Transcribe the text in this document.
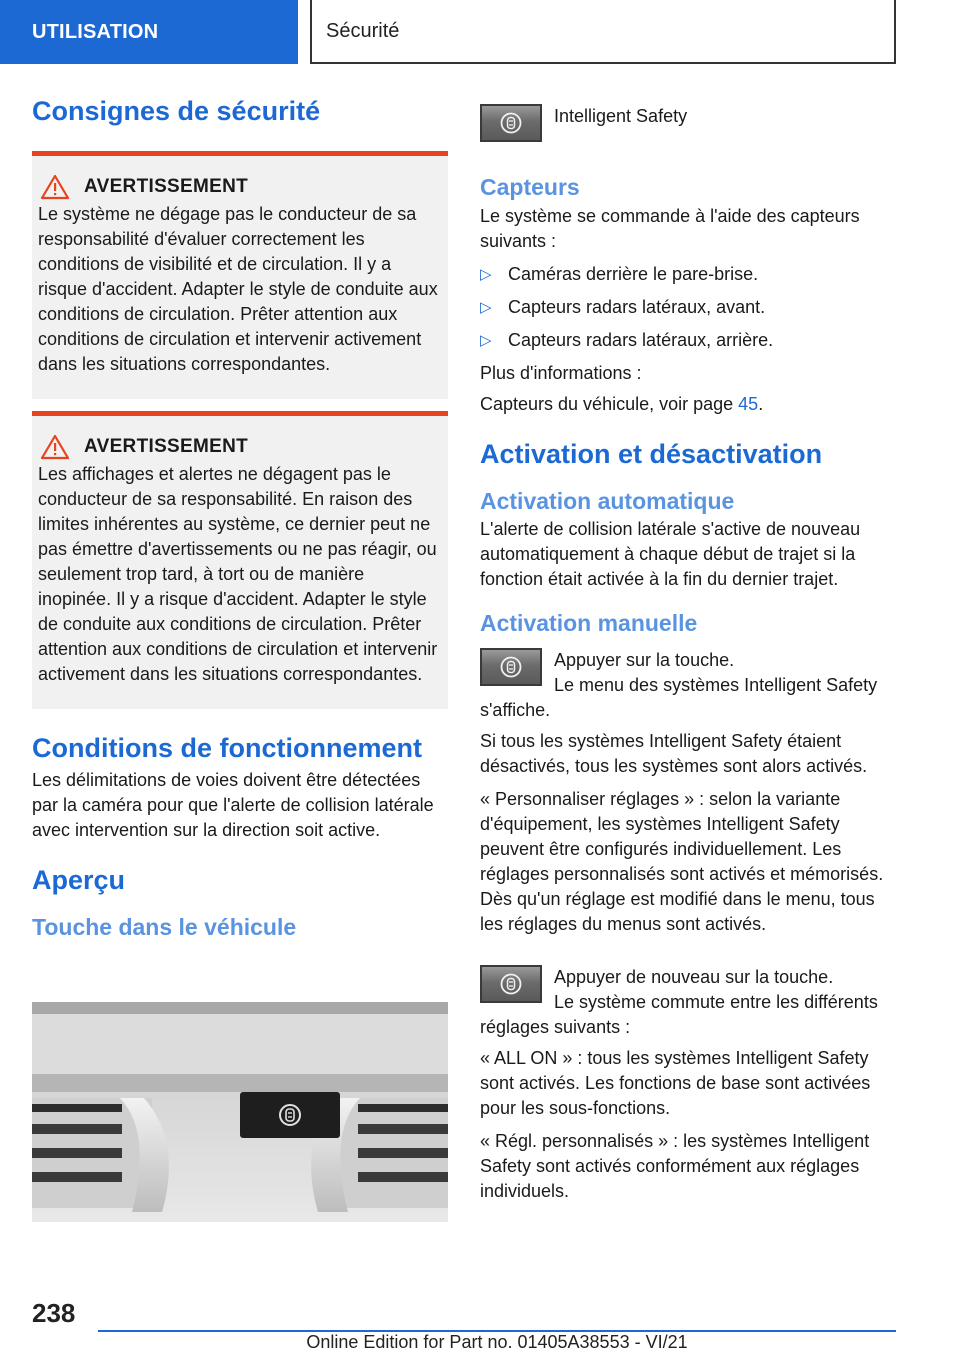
UTILISATION	Sécurité
Consignes de sécurité
AVERTISSEMENT

Le système ne dégage pas le conducteur de sa responsabilité d'évaluer correctement les conditions de visibilité et de circulation. Il y a risque d'accident. Adapter le style de conduite aux conditions de circulation. Prêter attention aux conditions de circulation et intervenir activement dans les situations correspondantes.

AVERTISSEMENT

Les affichages et alertes ne dégagent pas le conducteur de sa responsabilité. En raison des limites inhérentes au système, ce dernier peut ne pas émettre d'avertissements ou ne pas réagir, ou seulement trop tard, à tort ou de manière inopinée. Il y a risque d'accident. Adapter le style de conduite aux conditions de circulation. Prêter attention aux conditions de circulation et intervenir activement dans les situations correspondantes.

Conditions de fonctionnement

Les délimitations de voies doivent être détectées par la caméra pour que l'alerte de collision latérale avec intervention sur la direction soit active.

Aperçu
Touche dans le véhicule

Intelligent Safety

Capteurs

Le système se commande à l'aide des capteurs suivants :

▷ Caméras derrière le pare-brise.
▷ Capteurs radars latéraux, avant.
▷ Capteurs radars latéraux, arrière.

Plus d'informations :

Capteurs du véhicule, voir page 45.

Activation et désactivation
Activation automatique

L'alerte de collision latérale s'active de nouveau automatiquement à chaque début de trajet si la fonction était activée à la fin du dernier trajet.

Activation manuelle

Appuyer sur la touche.

Le menu des systèmes Intelligent Safety s'affiche.

Si tous les systèmes Intelligent Safety étaient désactivés, tous les systèmes sont alors activés.

« Personnaliser réglages » : selon la variante d'équipement, les systèmes Intelligent Safety peuvent être configurés individuellement. Les réglages personnalisés sont activés et mémorisés. Dès qu'un réglage est modifié dans le menu, tous les réglages du menus sont activés.

Appuyer de nouveau sur la touche.

Le système commute entre les différents réglages suivants :

« ALL ON » : tous les systèmes Intelligent Safety sont activés. Les fonctions de base sont activées pour les sous-fonctions.

« Régl. personnalisés » : les systèmes Intelligent Safety sont activés conformément aux réglages individuels.

238
Online Edition for Part no. 01405A38553 - VI/21
